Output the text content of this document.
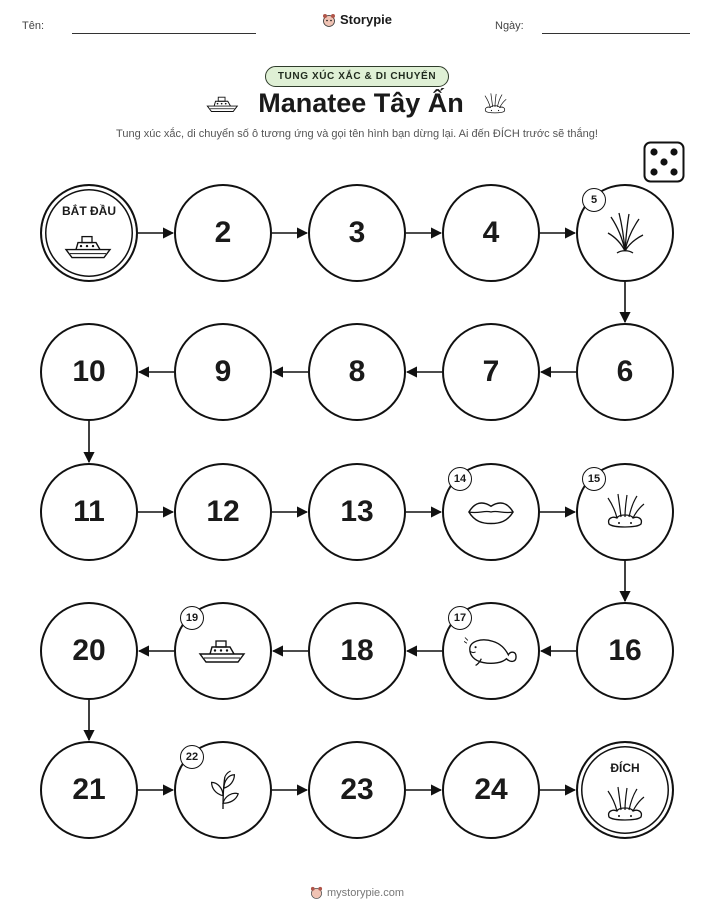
Tên:	Storypie	Ngày:
TUNG XÚC XẮC & DI CHUYỂN
Manatee Tây Ấn
Tung xúc xắc, di chuyển số ô tương ứng và gọi tên hình bạn dừng lại. Ai đến ĐÍCH trước sẽ thắng!
BẮT ĐẦU
2	3	4
5
6
7
8
9
10
11	12	13
14	15
16
17
18
19
20
21
22
23	24
ĐÍCH
mystorypie.com
